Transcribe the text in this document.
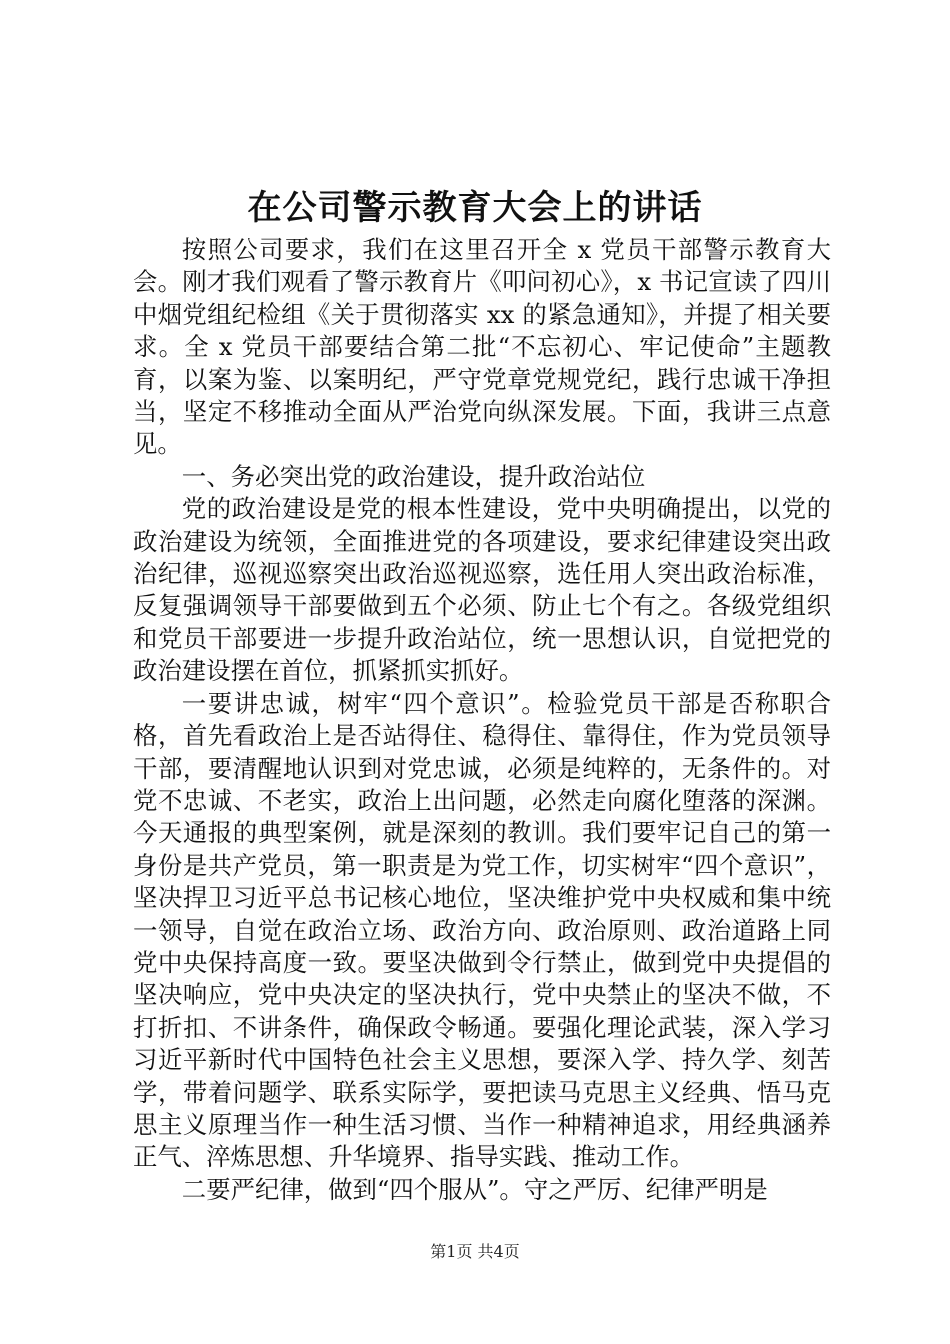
在公司警示教育大会上的讲话

按照公司要求，我们在这里召开全 x 党员干部警示教育大会。刚才我们观看了警示教育片《叩问初心》，x 书记宣读了四川中烟党组纪检组《关于贯彻落实 xx 的紧急通知》，并提了相关要求。全 x 党员干部要结合第二批“不忘初心、牢记使命”主题教育，以案为鉴、以案明纪，严守党章党规党纪，践行忠诚干净担当，坚定不移推动全面从严治党向纵深发展。下面，我讲三点意见。

一、务必突出党的政治建设，提升政治站位

党的政治建设是党的根本性建设，党中央明确提出，以党的政治建设为统领，全面推进党的各项建设，要求纪律建设突出政治纪律，巡视巡察突出政治巡视巡察，选任用人突出政治标准，反复强调领导干部要做到五个必须、防止七个有之。各级党组织和党员干部要进一步提升政治站位，统一思想认识，自觉把党的政治建设摆在首位，抓紧抓实抓好。

一要讲忠诚，树牢“四个意识”。检验党员干部是否称职合格，首先看政治上是否站得住、稳得住、靠得住，作为党员领导干部，要清醒地认识到对党忠诚，必须是纯粹的，无条件的。对党不忠诚、不老实，政治上出问题，必然走向腐化堕落的深渊。今天通报的典型案例，就是深刻的教训。我们要牢记自己的第一身份是共产党员，第一职责是为党工作，切实树牢“四个意识”，坚决捍卫习近平总书记核心地位，坚决维护党中央权威和集中统一领导，自觉在政治立场、政治方向、政治原则、政治道路上同党中央保持高度一致。要坚决做到令行禁止，做到党中央提倡的坚决响应，党中央决定的坚决执行，党中央禁止的坚决不做，不打折扣、不讲条件，确保政令畅通。要强化理论武装，深入学习习近平新时代中国特色社会主义思想，要深入学、持久学、刻苦学，带着问题学、联系实际学，要把读马克思主义经典、悟马克思主义原理当作一种生活习惯、当作一种精神追求，用经典涵养正气、淬炼思想、升华境界、指导实践、推动工作。

二要严纪律，做到“四个服从”。守之严厉、纪律严明是

第1页 共4页
